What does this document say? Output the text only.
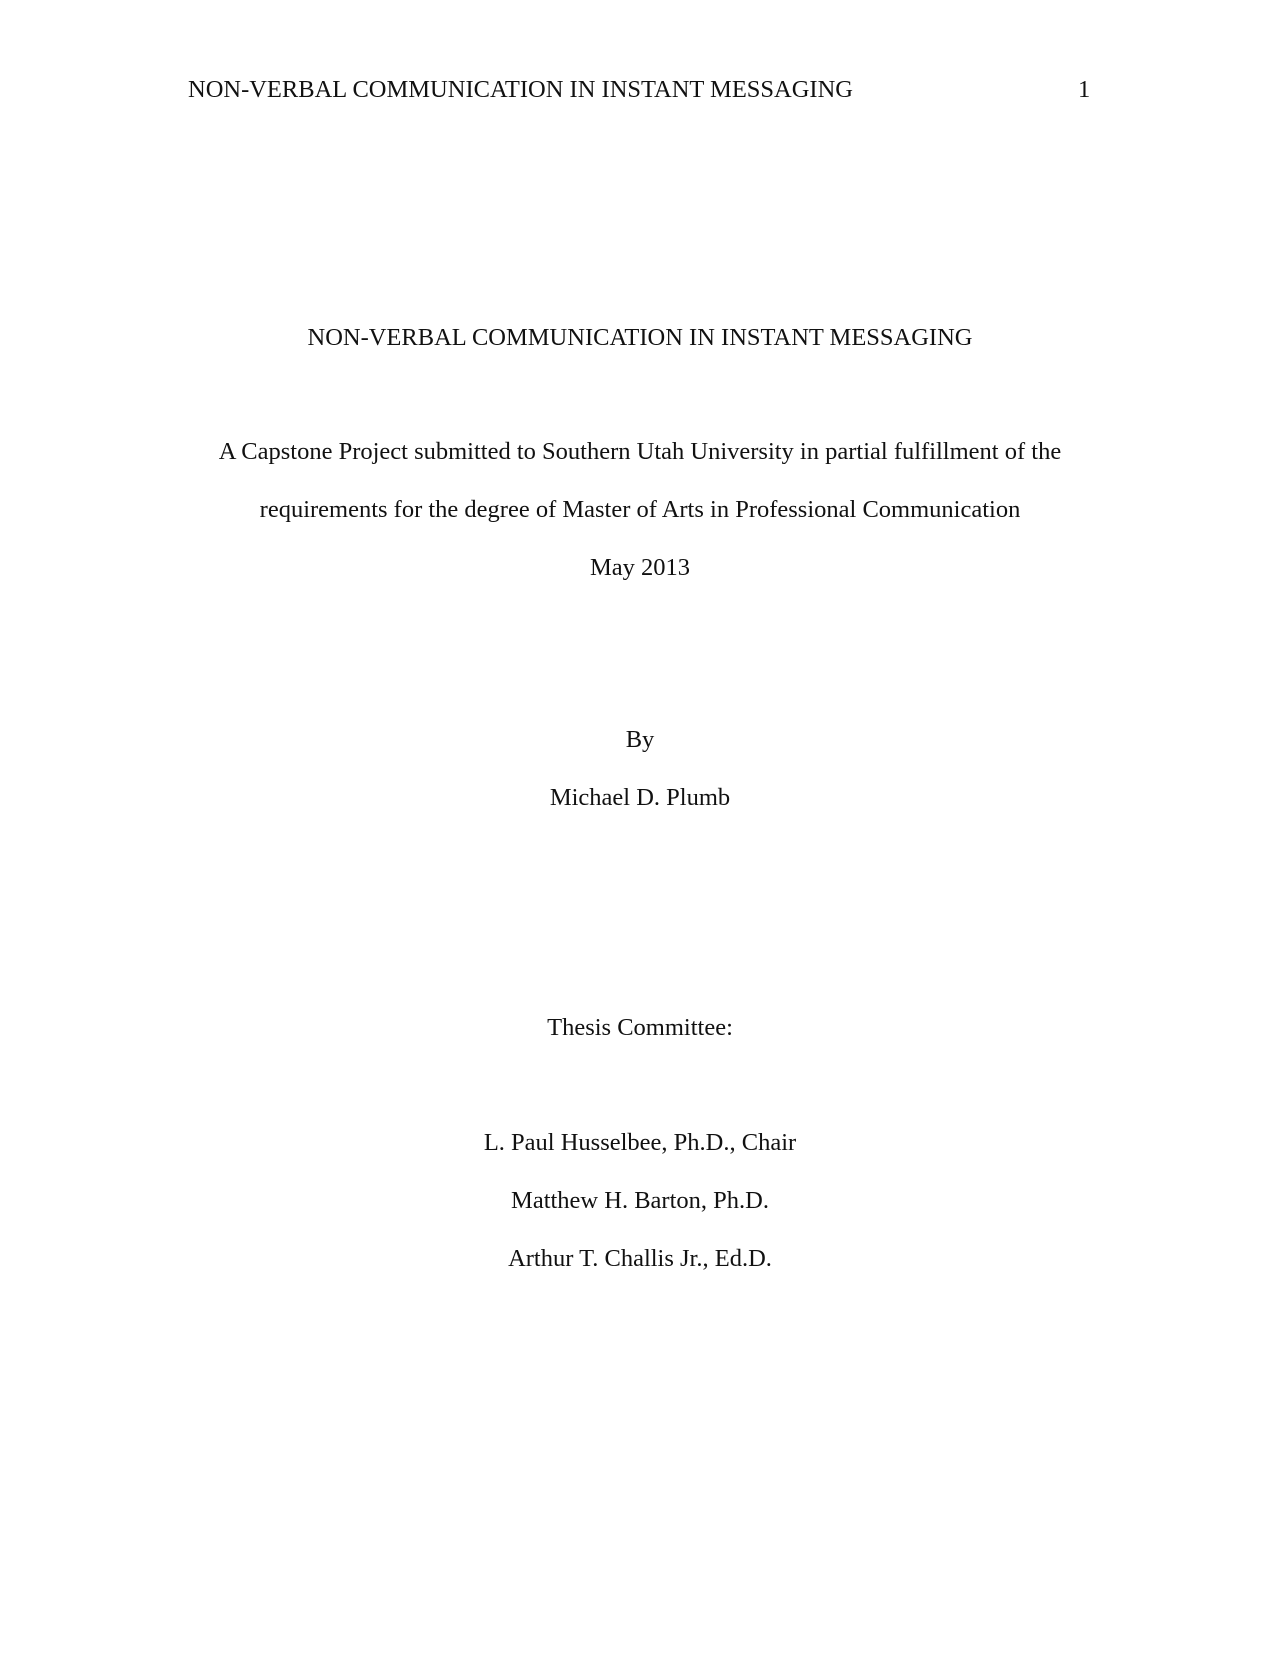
NON-VERBAL COMMUNICATION IN INSTANT MESSAGING	1
NON-VERBAL COMMUNICATION IN INSTANT MESSAGING
A Capstone Project submitted to Southern Utah University in partial fulfillment of the
requirements for the degree of Master of Arts in Professional Communication
May 2013
By
Michael D. Plumb
Thesis Committee:
L. Paul Husselbee, Ph.D., Chair
Matthew H. Barton, Ph.D.
Arthur T. Challis Jr., Ed.D.
